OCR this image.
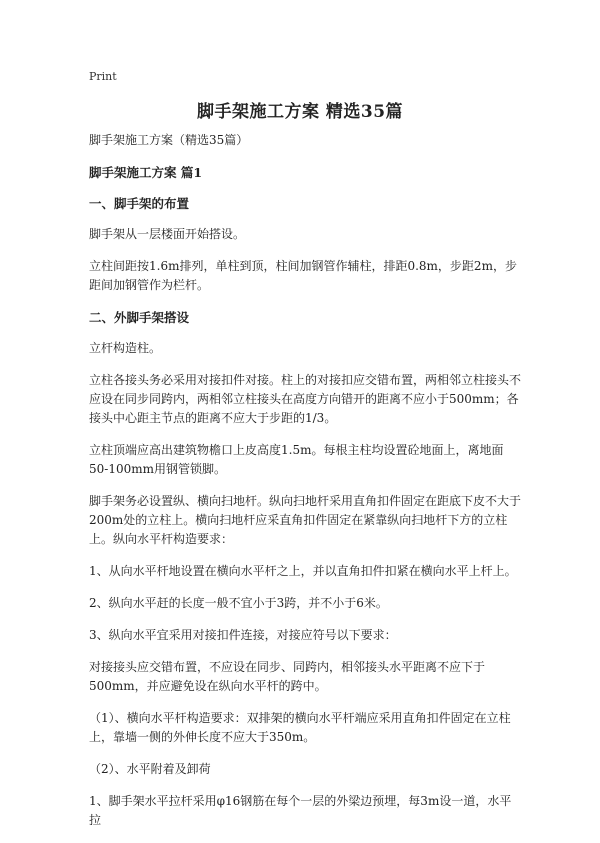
Print
脚手架施工方案 精选35篇

脚手架施工方案（精选35篇）

脚手架施工方案 篇1
一、脚手架的布置

脚手架从一层楼面开始搭设。

立柱间距按1.6m排列，单柱到顶，柱间加钢管作辅柱，排距0.8m，步距2m，步距间加钢管作为栏杆。

二、外脚手架搭设

立杆构造柱。

立柱各接头务必采用对接扣件对接。柱上的对接扣应交错布置，两相邻立柱接头不应设在同步同跨内，两相邻立柱接头在高度方向错开的距离不应小于500mm；各接头中心距主节点的距离不应大于步距的1/3。

立柱顶端应高出建筑物檐口上皮高度1.5m。每根主柱均设置砼地面上，离地面50-100mm用钢管锁脚。

脚手架务必设置纵、横向扫地杆。纵向扫地杆采用直角扣件固定在距底下皮不大于200m处的立柱上。横向扫地杆应采直角扣件固定在紧靠纵向扫地杆下方的立柱上。纵向水平杆构造要求：

1、从向水平杆地设置在横向水平杆之上，并以直角扣件扣紧在横向水平上杆上。

2、纵向水平赶的长度一般不宜小于3跨，并不小于6米。

3、纵向水平宜采用对接扣件连接，对接应符号以下要求：

对接接头应交错布置，不应设在同步、同跨内，相邻接头水平距离不应下于500mm，并应避免设在纵向水平杆的跨中。

（1）、横向水平杆构造要求：双排架的横向水平杆端应采用直角扣件固定在立柱上，靠墙一侧的外伸长度不应大于350m。

（2）、水平附着及卸荷

1、脚手架水平拉杆采用φ16钢筋在每个一层的外梁边预埋，每3m设一道，水平拉
